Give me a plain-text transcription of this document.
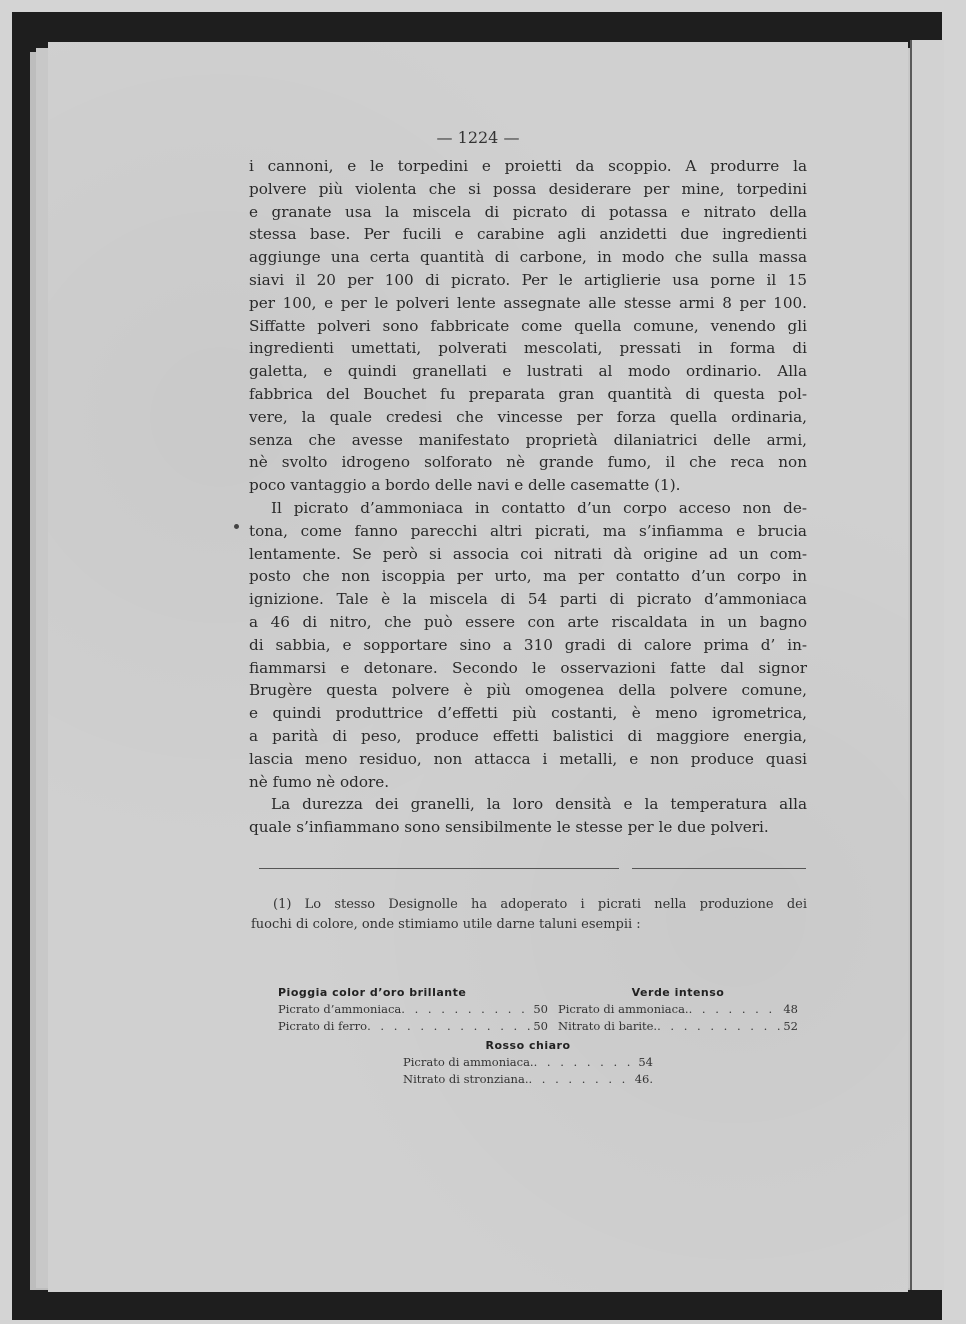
— 1224 —
i cannoni, e le torpedini e proietti da scoppio. A produrre la
polvere più violenta che si possa desiderare per mine, torpedini
e granate usa la miscela di picrato di potassa e nitrato della
stessa base. Per fucili e carabine agli anzidetti due ingredienti
aggiunge una certa quantità di carbone, in modo che sulla massa
siavi il 20 per 100 di picrato. Per le artiglierie usa porne il 15
per 100, e per le polveri lente assegnate alle stesse armi 8 per 100.
Siffatte polveri sono fabbricate come quella comune, venendo gli
ingredienti umettati, polverati mescolati, pressati in forma di
galetta, e quindi granellati e lustrati al modo ordinario. Alla
fabbrica del Bouchet fu preparata gran quantità di questa pol-
vere, la quale credesi che vincesse per forza quella ordinaria,
senza che avesse manifestato proprietà dilaniatrici delle armi,
nè svolto idrogeno solforato nè grande fumo, il che reca non
poco vantaggio a bordo delle navi e delle casematte (1).
Il picrato d’ammoniaca in contatto d’un corpo acceso non de-
tona, come fanno parecchi altri picrati, ma s’infiamma e brucia
lentamente. Se però si associa coi nitrati dà origine ad un com-
posto che non iscoppia per urto, ma per contatto d’un corpo in
ignizione. Tale è la miscela di 54 parti di picrato d’ammoniaca
a 46 di nitro, che può essere con arte riscaldata in un bagno
di sabbia, e sopportare sino a 310 gradi di calore prima d’ in-
fiammarsi e detonare. Secondo le osservazioni fatte dal signor
Brugère questa polvere è più omogenea della polvere comune,
e quindi produttrice d’effetti più costanti, è meno igrometrica,
a parità di peso, produce effetti balistici di maggiore energia,
lascia meno residuo, non attacca i metalli, e non produce quasi
nè fumo nè odore.
La durezza dei granelli, la loro densità e la temperatura alla
quale s’infiammano sono sensibilmente le stesse per le due polveri.
(1) Lo stesso Designolle ha adoperato i picrati nella produzione dei
fuochi di colore, onde stimiamo utile darne taluni esempii :
Pioggia color d’oro brillante
Picrato d’ammoniaca . . .	50
Picrato di ferro . . .	50
Verde intenso
Picrato di ammoniaca. . . .	48
Nitrato di barite. . . .	52
Rosso chiaro
Picrato di ammoniaca. . . .	54
Nitrato di stronziana. . . .	46.
